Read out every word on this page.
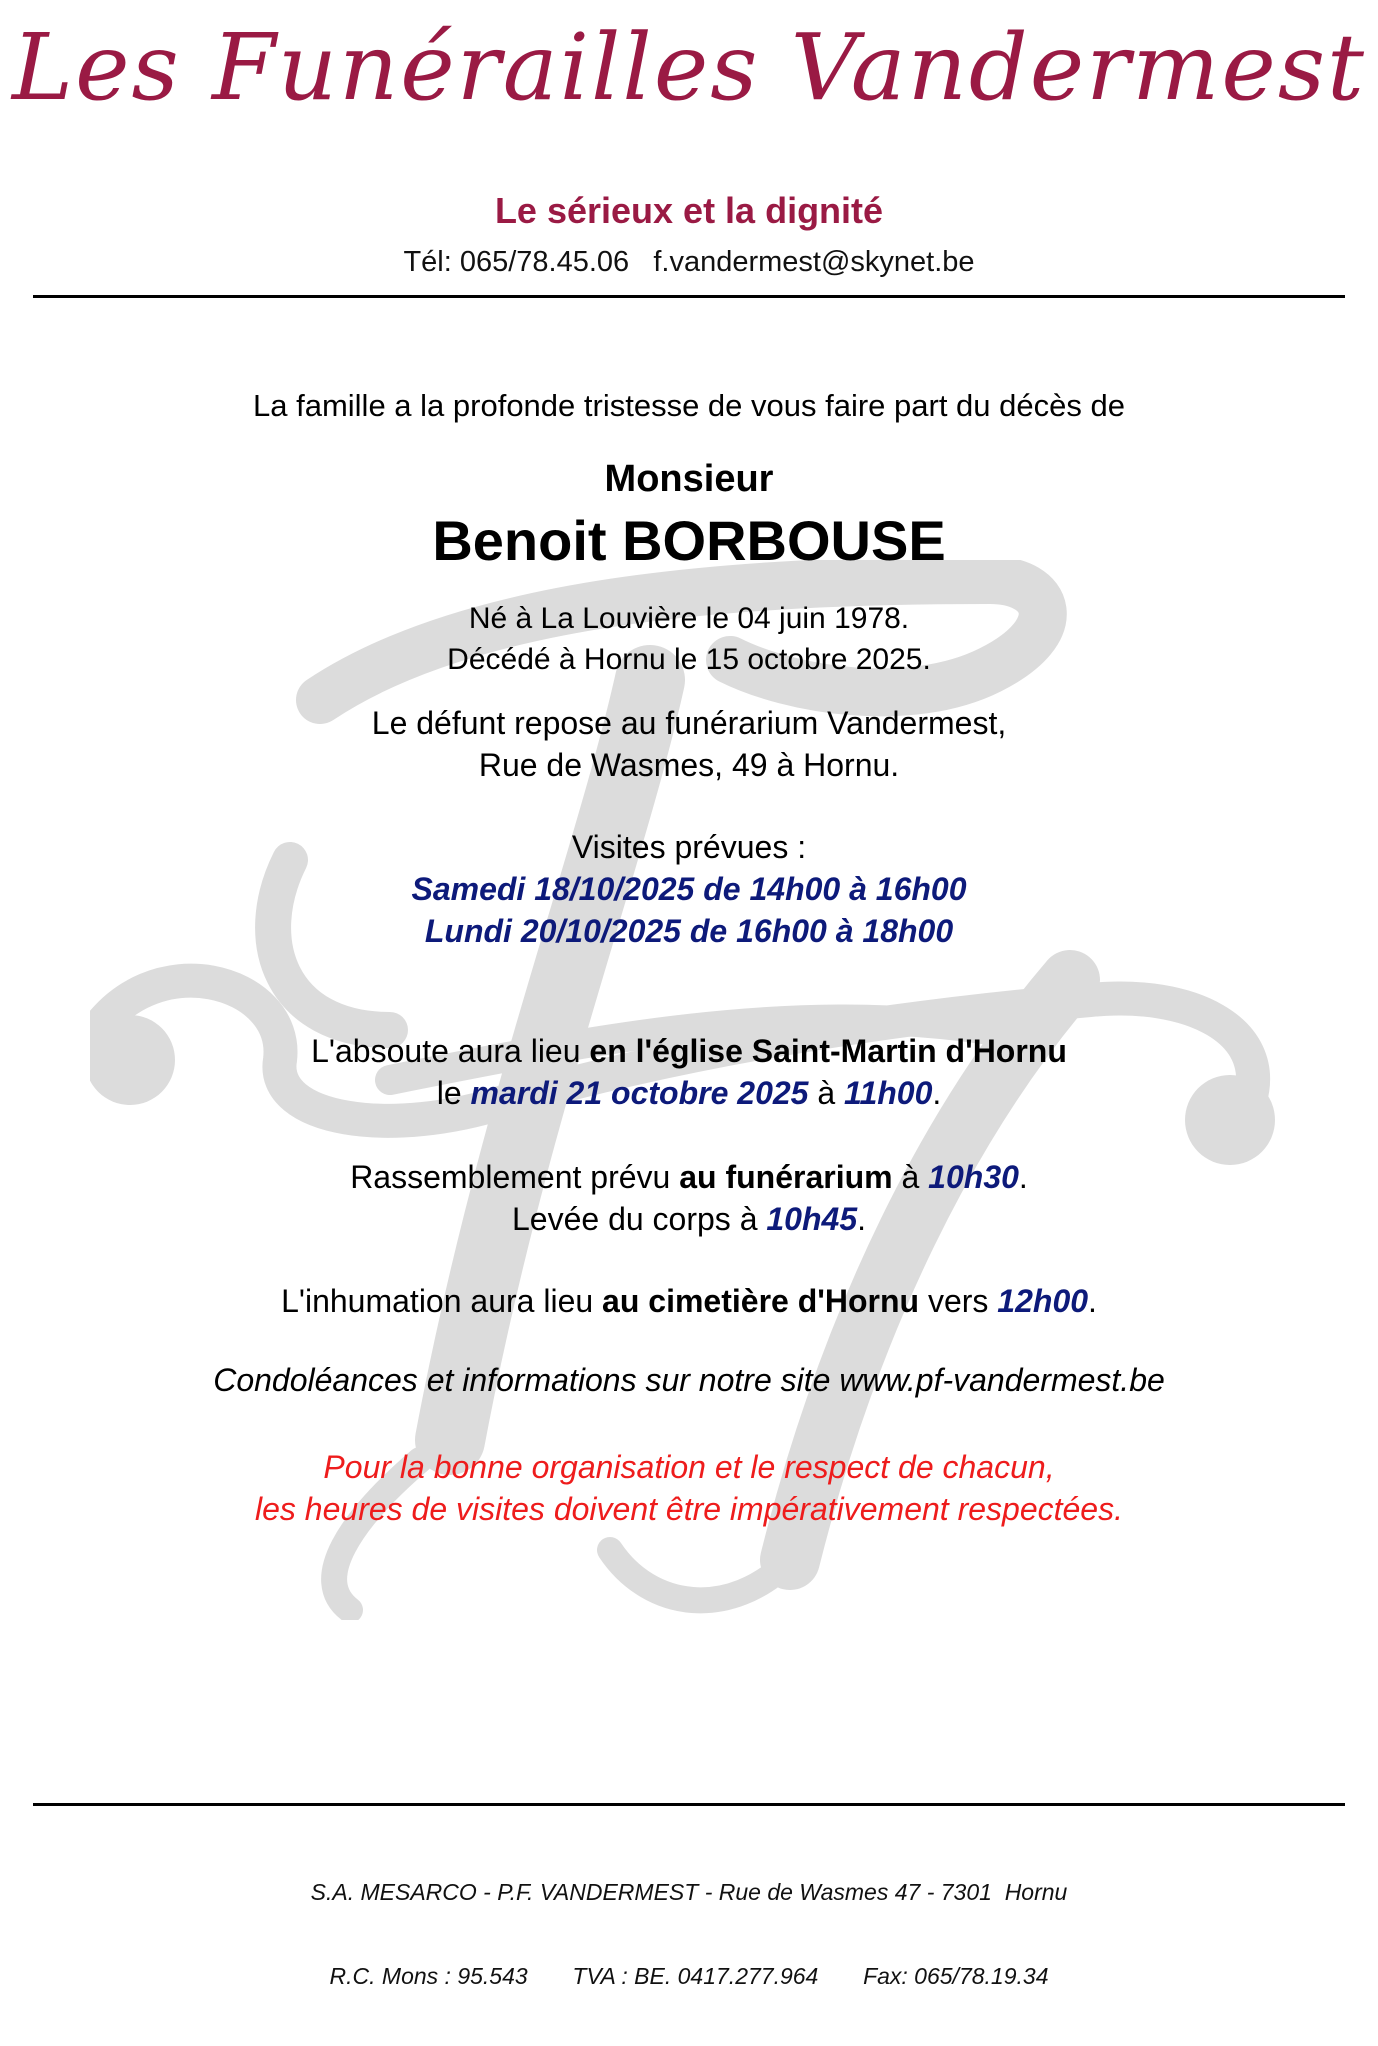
Les Funérailles Vandermest
Le sérieux et la dignité
Tél: 065/78.45.06   f.vandermest@skynet.be
La famille a la profonde tristesse de vous faire part du décès de
Monsieur
Benoit BORBOUSE
Né à La Louvière le 04 juin 1978.
Décédé à Hornu le 15 octobre 2025.
Le défunt repose au funérarium Vandermest,
Rue de Wasmes, 49 à Hornu.
Visites prévues :
Samedi 18/10/2025 de 14h00 à 16h00
Lundi 20/10/2025 de 16h00 à 18h00
L'absoute aura lieu en l'église Saint-Martin d'Hornu
le mardi 21 octobre 2025 à 11h00.
Rassemblement prévu au funérarium à 10h30.
Levée du corps à 10h45.
L'inhumation aura lieu au cimetière d'Hornu vers 12h00.
Condoléances et informations sur notre site www.pf-vandermest.be
Pour la bonne organisation et le respect de chacun,
les heures de visites doivent être impérativement respectées.

S.A. MESARCO - P.F. VANDERMEST - Rue de Wasmes 47 - 7301  Hornu

R.C. Mons : 95.543       TVA : BE. 0417.277.964       Fax: 065/78.19.34
